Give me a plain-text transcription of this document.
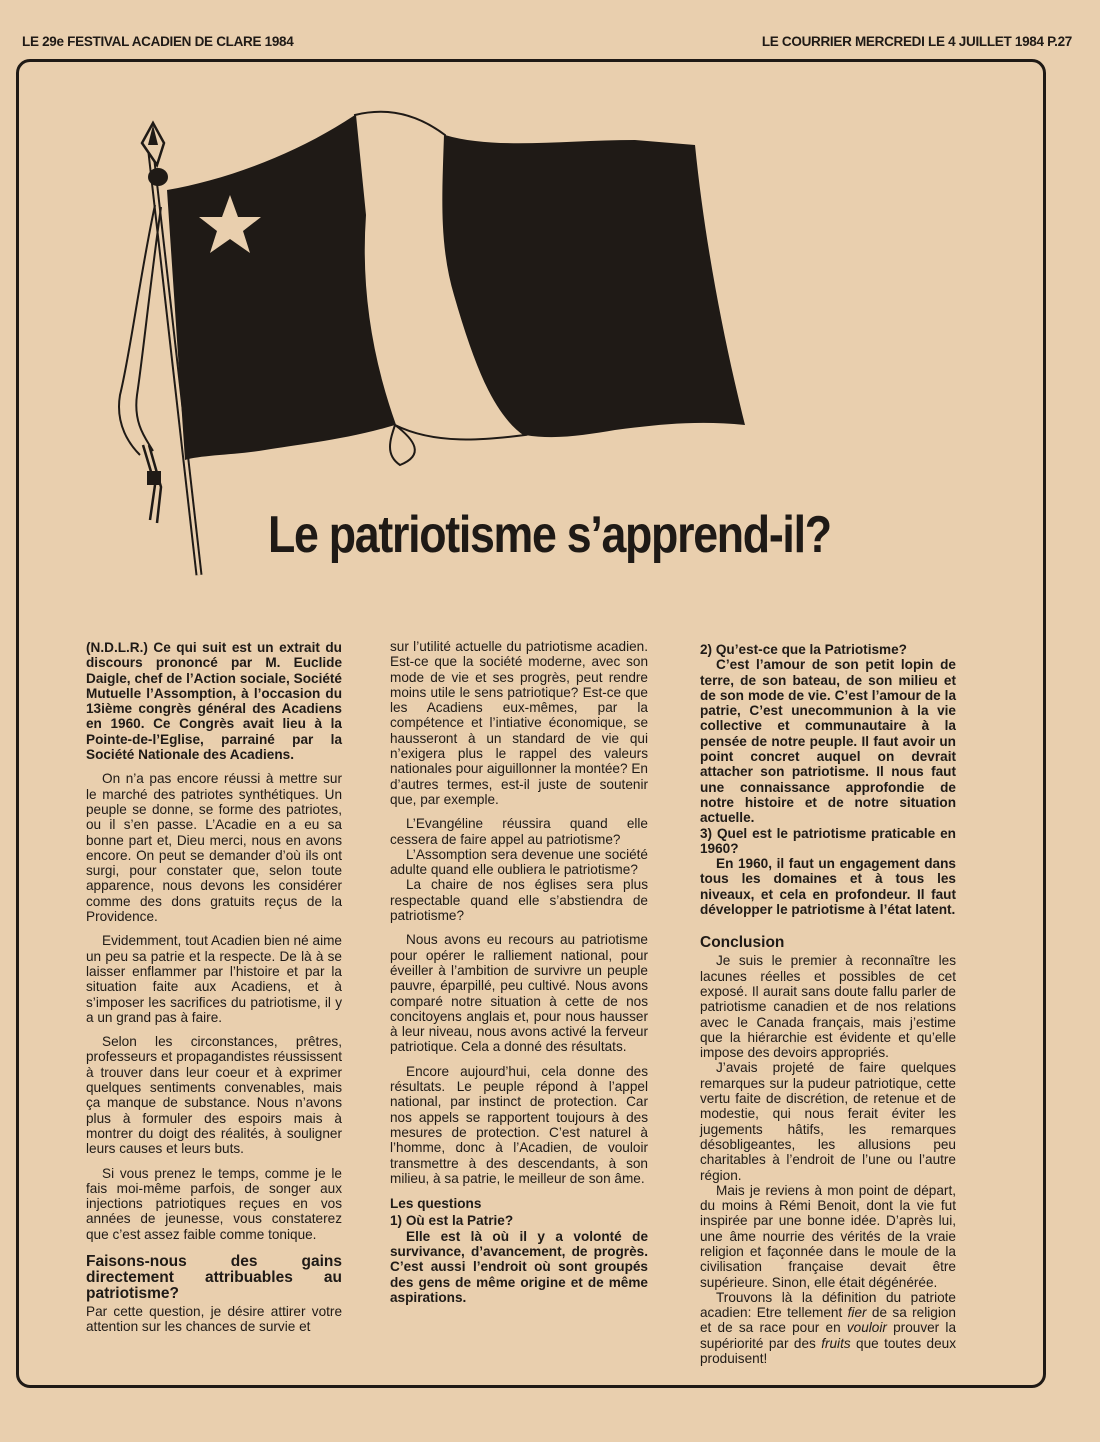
LE 29e FESTIVAL ACADIEN DE CLARE 1984	LE COURRIER MERCREDI LE 4 JUILLET 1984 P.27
Le patriotisme s’apprend-il?

(N.D.L.R.) Ce qui suit est un extrait du discours prononcé par M. Euclide Daigle, chef de l’Action sociale, Société Mutuelle l’Assomption, à l’occasion du 13ième congrès général des Acadiens en 1960. Ce Congrès avait lieu à la Pointe-de-l’Eglise, parrainé par la Société Nationale des Acadiens.

On n’a pas encore réussi à mettre sur le marché des patriotes synthétiques. Un peuple se donne, se forme des patriotes, ou il s’en passe. L’Acadie en a eu sa bonne part et, Dieu merci, nous en avons encore. On peut se demander d’où ils ont surgi, pour constater que, selon toute apparence, nous devons les considérer comme des dons gratuits reçus de la Providence.

Evidemment, tout Acadien bien né aime un peu sa patrie et la respecte. De là à se laisser enflammer par l’histoire et par la situation faite aux Acadiens, et à s’imposer les sacrifices du patriotisme, il y a un grand pas à faire.

Selon les circonstances, prêtres, professeurs et propagandistes réussissent à trouver dans leur coeur et à exprimer quelques sentiments convenables, mais ça manque de substance. Nous n’avons plus à formuler des espoirs mais à montrer du doigt des réalités, à souligner leurs causes et leurs buts.

Si vous prenez le temps, comme je le fais moi-même parfois, de songer aux injections patriotiques reçues en vos années de jeunesse, vous constaterez que c’est assez faible comme tonique.

Faisons-nous des gains directement attribuables au patriotisme?

Par cette question, je désire attirer votre attention sur les chances de survie et

sur l’utilité actuelle du patriotisme acadien. Est-ce que la société moderne, avec son mode de vie et ses progrès, peut rendre moins utile le sens patriotique? Est-ce que les Acadiens eux-mêmes, par la compétence et l’intiative économique, se hausseront à un standard de vie qui n’exigera plus le rappel des valeurs nationales pour aiguillonner la montée? En d’autres termes, est-il juste de soutenir que, par exemple.

L’Evangéline réussira quand elle cessera de faire appel au patriotisme?

L’Assomption sera devenue une société adulte quand elle oubliera le patriotisme?

La chaire de nos églises sera plus respectable quand elle s’abstiendra de patriotisme?

Nous avons eu recours au patriotisme pour opérer le ralliement national, pour éveiller à l’ambition de survivre un peuple pauvre, éparpillé, peu cultivé. Nous avons comparé notre situation à cette de nos concitoyens anglais et, pour nous hausser à leur niveau, nous avons activé la ferveur patriotique. Cela a donné des résultats.

Encore aujourd’hui, cela donne des résultats. Le peuple répond à l’appel national, par instinct de protection. Car nos appels se rapportent toujours à des mesures de protection. C’est naturel à l’homme, donc à l’Acadien, de vouloir transmettre à des descendants, à son milieu, à sa patrie, le meilleur de son âme.

Les questions

1) Où est la Patrie?

Elle est là où il y a volonté de survivance, d’avancement, de progrès. C’est aussi l’endroit où sont groupés des gens de même origine et de même aspirations.

2) Qu’est-ce que la Patriotisme?

C’est l’amour de son petit lopin de terre, de son bateau, de son milieu et de son mode de vie. C’est l’amour de la patrie, C’est unecommunion à la vie collective et communautaire à la pensée de notre peuple. Il faut avoir un point concret auquel on devrait attacher son patriotisme. Il nous faut une connaissance approfondie de notre histoire et de notre situation actuelle.

3) Quel est le patriotisme praticable en 1960?

En 1960, il faut un engagement dans tous les domaines et à tous les niveaux, et cela en profondeur. Il faut développer le patriotisme à l’état latent.

Conclusion

Je suis le premier à reconnaître les lacunes réelles et possibles de cet exposé. Il aurait sans doute fallu parler de patriotisme canadien et de nos relations avec le Canada français, mais j’estime que la hiérarchie est évidente et qu’elle impose des devoirs appropriés.

J’avais projeté de faire quelques remarques sur la pudeur patriotique, cette vertu faite de discrétion, de retenue et de modestie, qui nous ferait éviter les jugements hâtifs, les remarques désobligeantes, les allusions peu charitables à l’endroit de l’une ou l’autre région.

Mais je reviens à mon point de départ, du moins à Rémi Benoit, dont la vie fut inspirée par une bonne idée. D’après lui, une âme nourrie des vérités de la vraie religion et façonnée dans le moule de la civilisation française devait être supérieure. Sinon, elle était dégénérée.

Trouvons là la définition du patriote acadien: Etre tellement fier de sa religion et de sa race pour en vouloir prouver la supériorité par des fruits que toutes deux produisent!
